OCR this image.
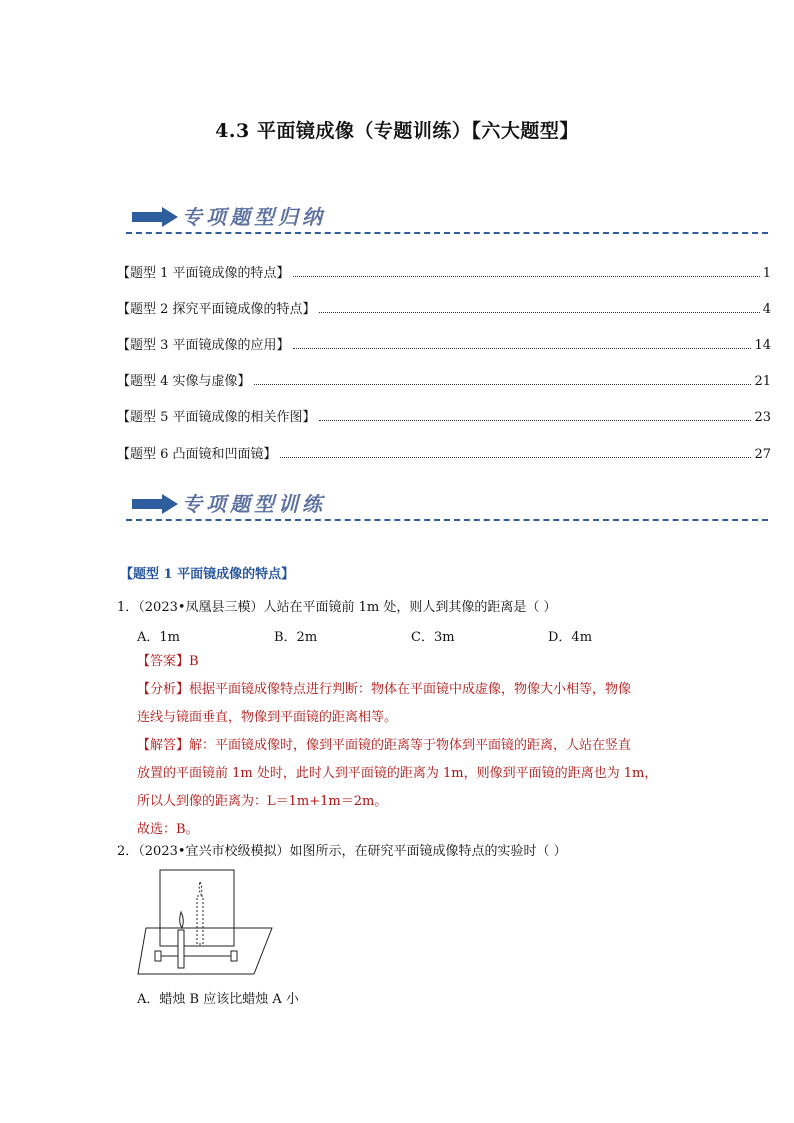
4.3 平面镜成像（专题训练）【六大题型】
专项题型归纳
【题型 1 平面镜成像的特点】	1
【题型 2 探究平面镜成像的特点】	4
【题型 3 平面镜成像的应用】	14
【题型 4 实像与虚像】	21
【题型 5 平面镜成像的相关作图】	23
【题型 6 凸面镜和凹面镜】	27
专项题型训练
【题型 1 平面镜成像的特点】
1．（2023•凤凰县三模）人站在平面镜前 1m 处，则人到其像的距离是（ ）
A．1m	B．2m	C．3m	D．4m
【答案】B
【分析】根据平面镜成像特点进行判断：物体在平面镜中成虚像，物像大小相等，物像
连线与镜面垂直，物像到平面镜的距离相等。
【解答】解：平面镜成像时，像到平面镜的距离等于物体到平面镜的距离，人站在竖直
放置的平面镜前 1m 处时，此时人到平面镜的距离为 1m，则像到平面镜的距离也为 1m，
所以人到像的距离为：L＝1m+1m＝2m。
故选：B。
2．（2023•宜兴市校级模拟）如图所示，在研究平面镜成像特点的实验时（ ）
A．蜡烛 B 应该比蜡烛 A 小
